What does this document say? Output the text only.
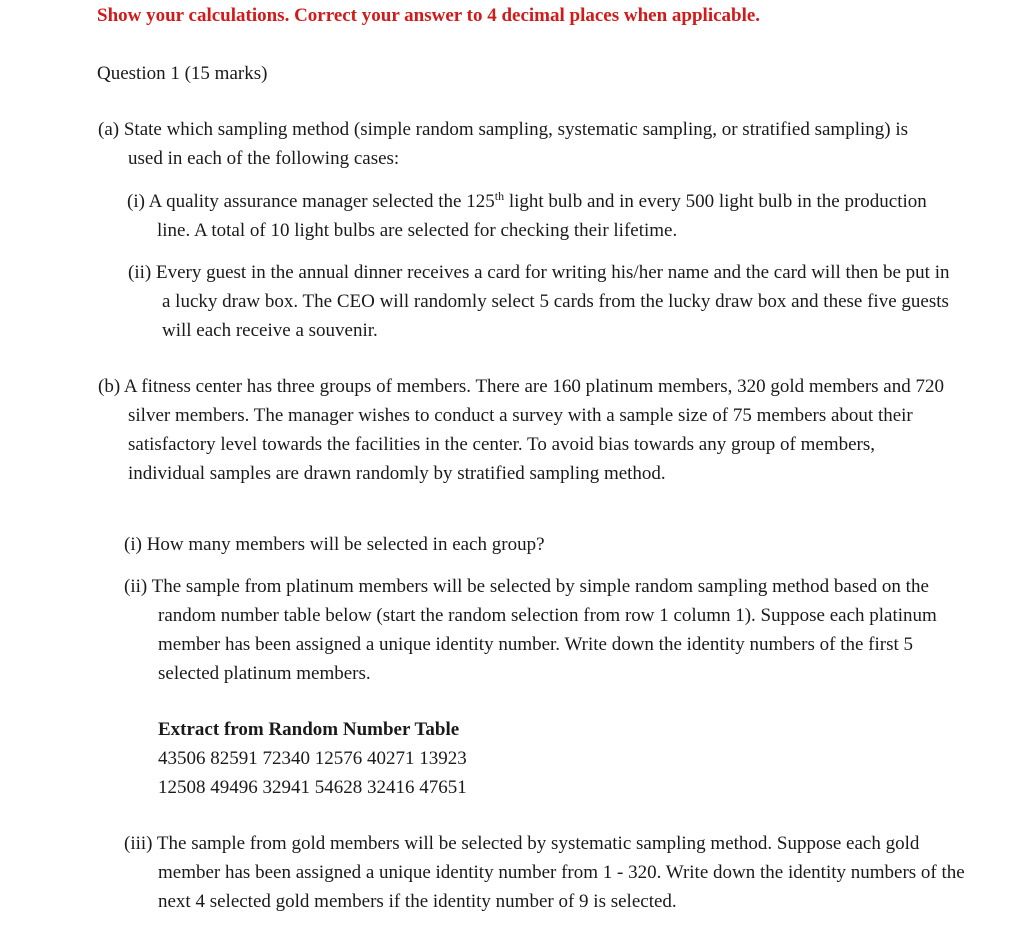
Show your calculations. Correct your answer to 4 decimal places when applicable.
Question 1 (15 marks)
(a) State which sampling method (simple random sampling, systematic sampling, or stratified sampling) is used in each of the following cases:
(i) A quality assurance manager selected the 125th light bulb and in every 500 light bulb in the production line. A total of 10 light bulbs are selected for checking their lifetime.
(ii) Every guest in the annual dinner receives a card for writing his/her name and the card will then be put in a lucky draw box. The CEO will randomly select 5 cards from the lucky draw box and these five guests will each receive a souvenir.
(b) A fitness center has three groups of members. There are 160 platinum members, 320 gold members and 720 silver members. The manager wishes to conduct a survey with a sample size of 75 members about their satisfactory level towards the facilities in the center. To avoid bias towards any group of members, individual samples are drawn randomly by stratified sampling method.
(i) How many members will be selected in each group?
(ii) The sample from platinum members will be selected by simple random sampling method based on the random number table below (start the random selection from row 1 column 1). Suppose each platinum member has been assigned a unique identity number. Write down the identity numbers of the first 5 selected platinum members.
Extract from Random Number Table
43506 82591 72340 12576 40271 13923
12508 49496 32941 54628 32416 47651
(iii) The sample from gold members will be selected by systematic sampling method. Suppose each gold member has been assigned a unique identity number from 1 - 320. Write down the identity numbers of the next 4 selected gold members if the identity number of 9 is selected.
